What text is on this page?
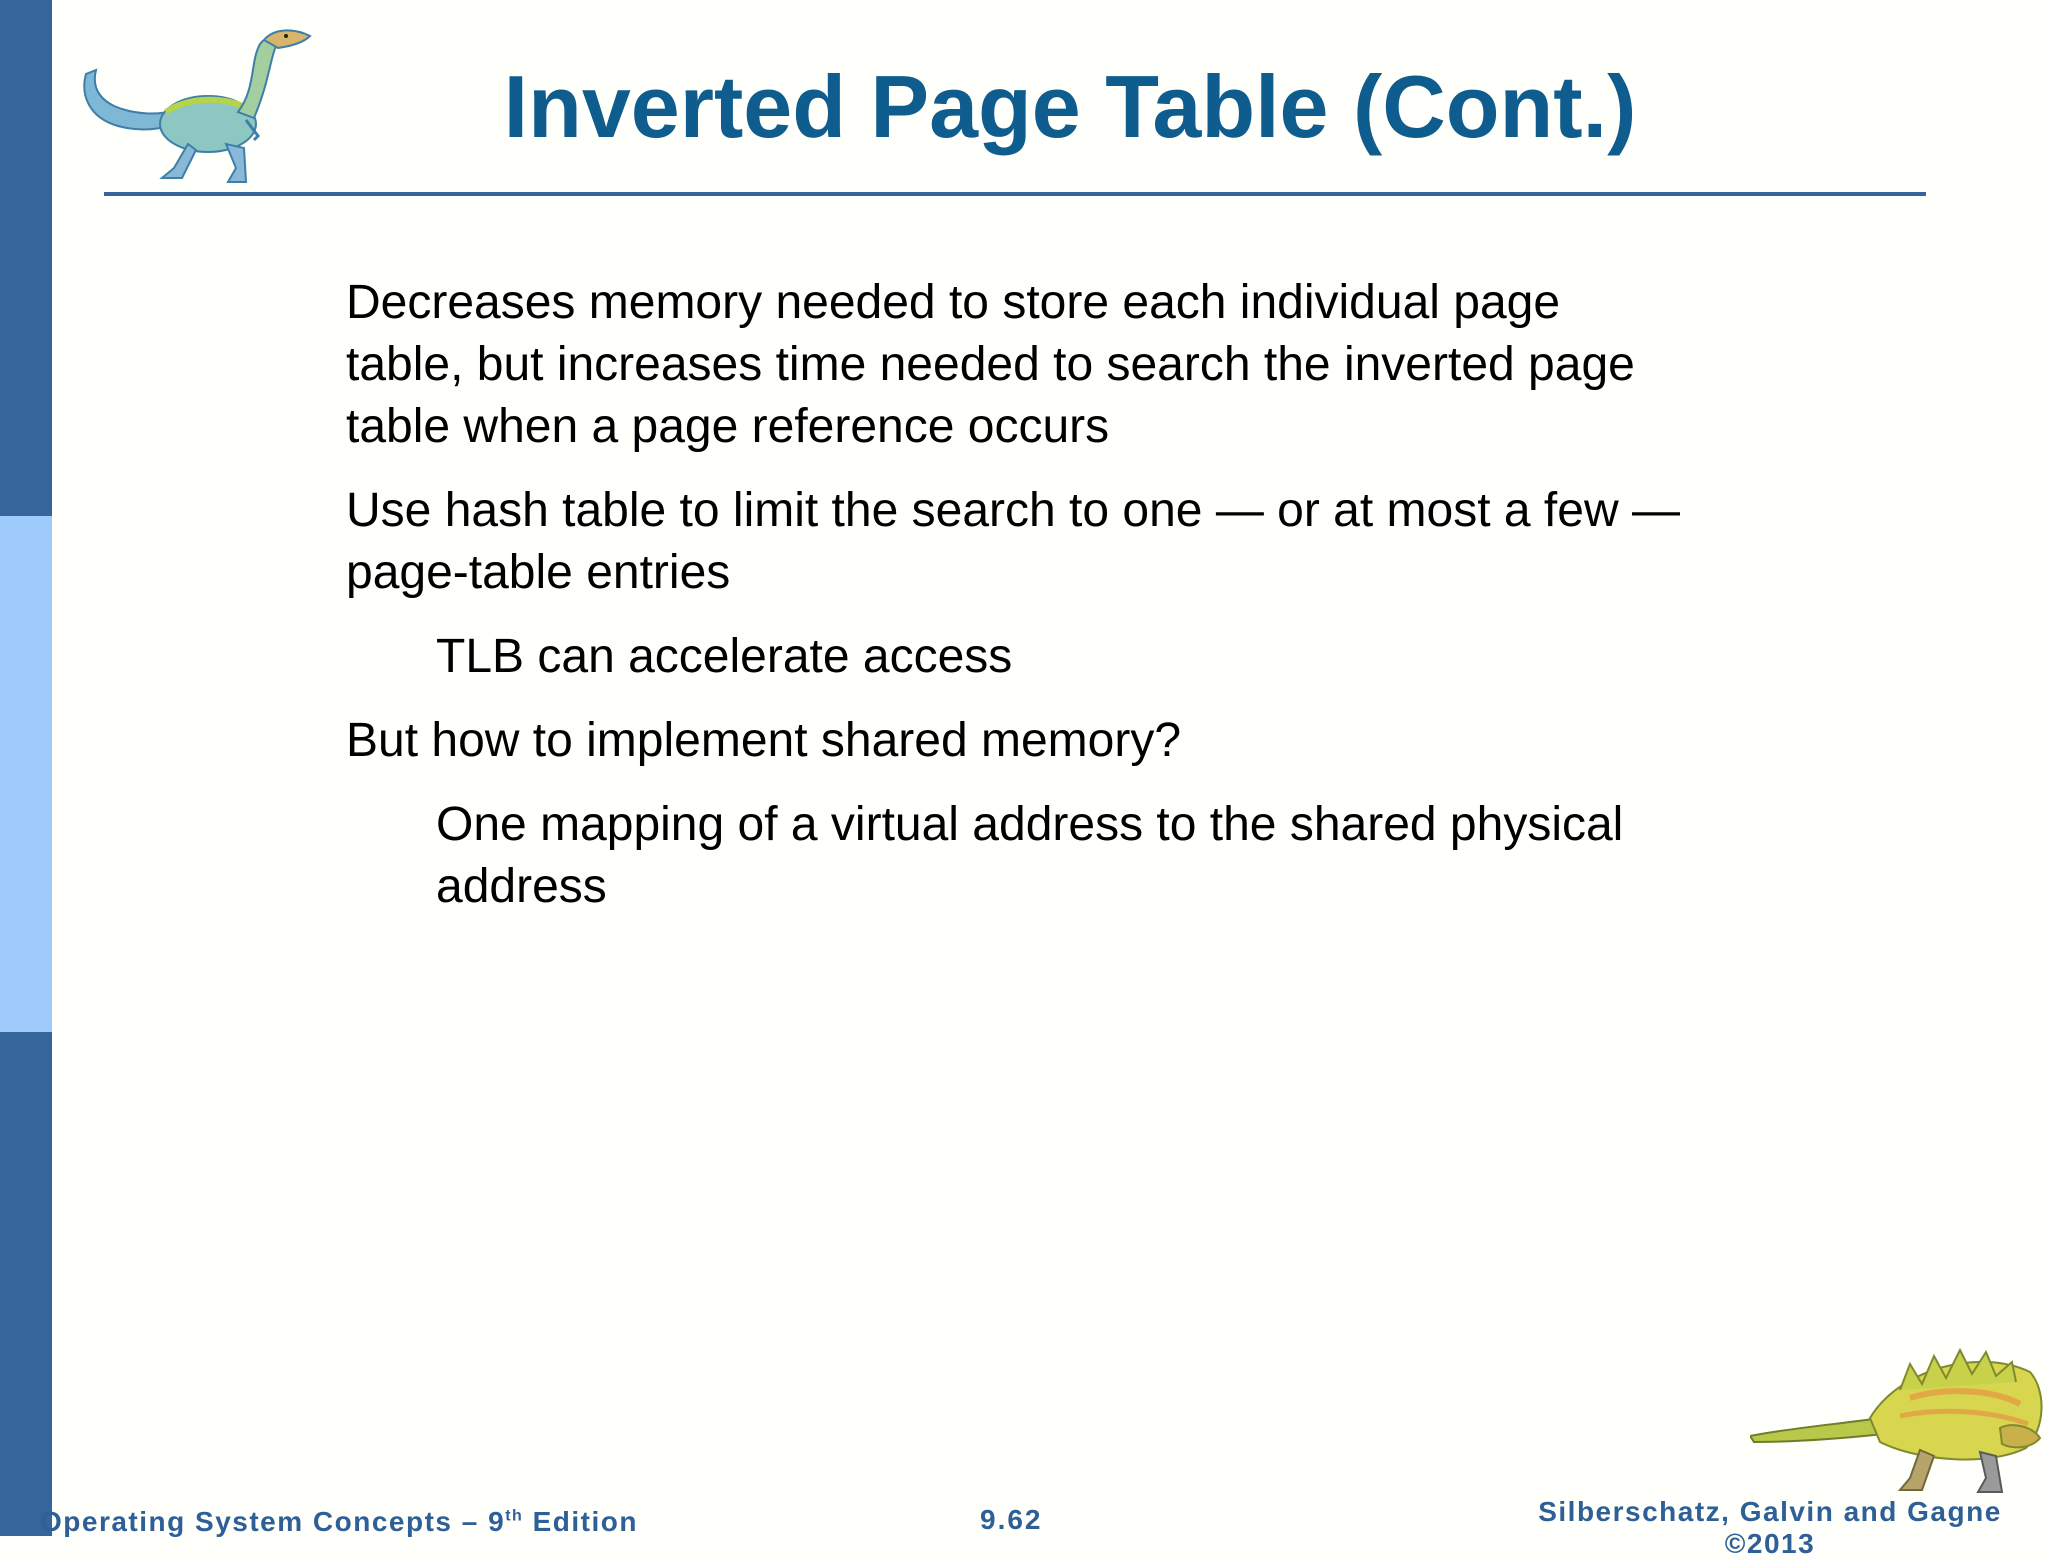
Inverted Page Table (Cont.)

Decreases memory needed to store each individual page table, but increases time needed to search the inverted page table when a page reference occurs

Use hash table to limit the search to one — or at most a few — page-table entries

TLB can accelerate access

But how to implement shared memory?

One mapping of a virtual address to the shared physical address

Operating System Concepts – 9th Edition	9.62	Silberschatz, Galvin and Gagne
©2013
